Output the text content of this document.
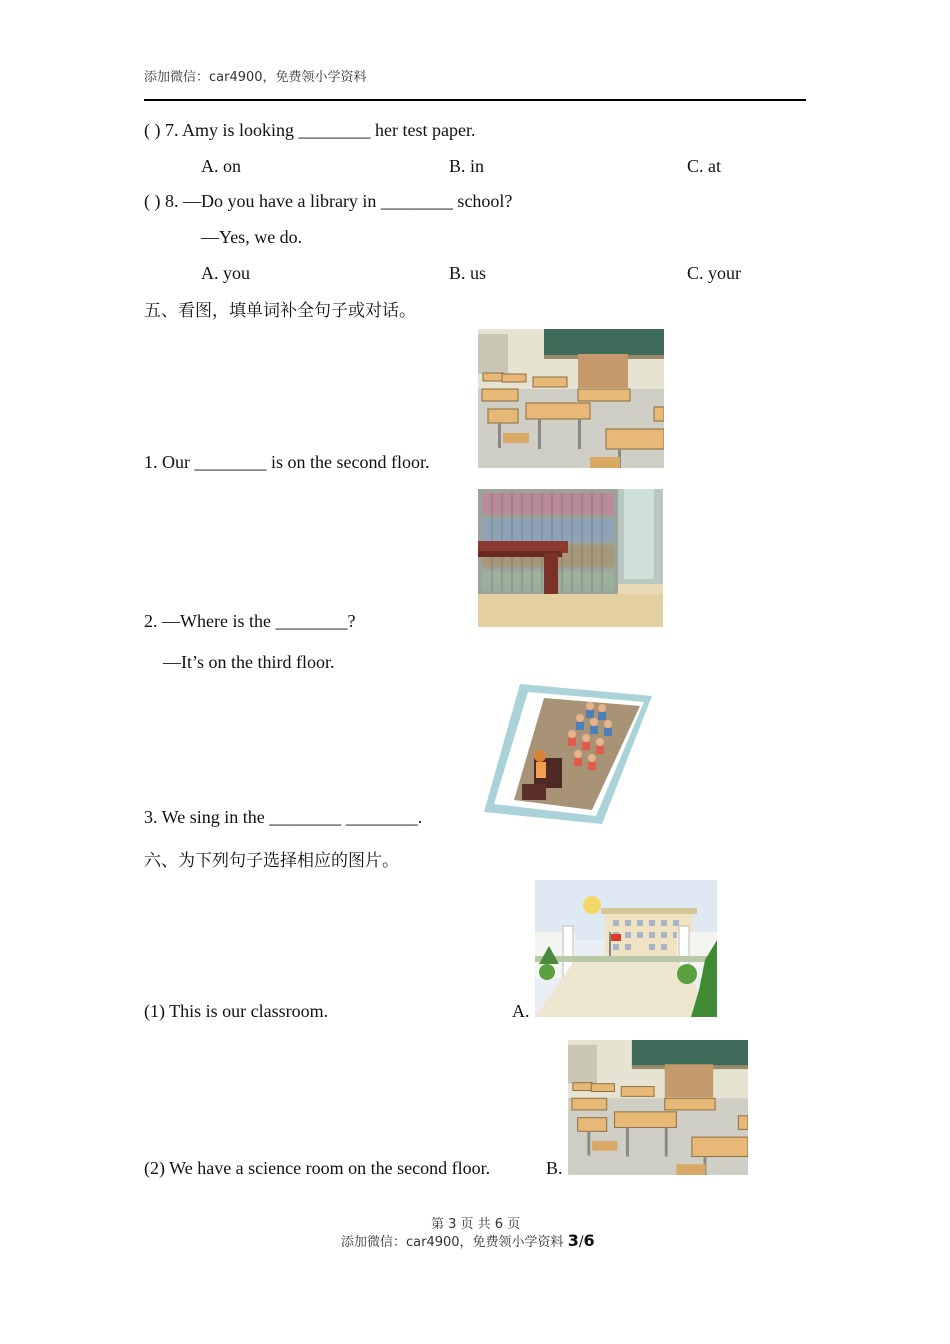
添加微信：car4900，免费领小学资料
( ) 7. Amy is looking ________ her test paper.
A. on	B. in	C. at
( ) 8. —Do you have a library in ________ school?
—Yes, we do.
A. you	B. us	C. your
五、看图，填单词补全句子或对话。
1. Our ________ is on the second floor.
2. —Where is the ________?
—It’s on the third floor.
3. We sing in the ________ ________.
六、为下列句子选择相应的图片。
(1) This is our classroom.	A.
(2) We have a science room on the second floor.	B.
第 3 页 共 6 页
添加微信：car4900，免费领小学资料 3/6
